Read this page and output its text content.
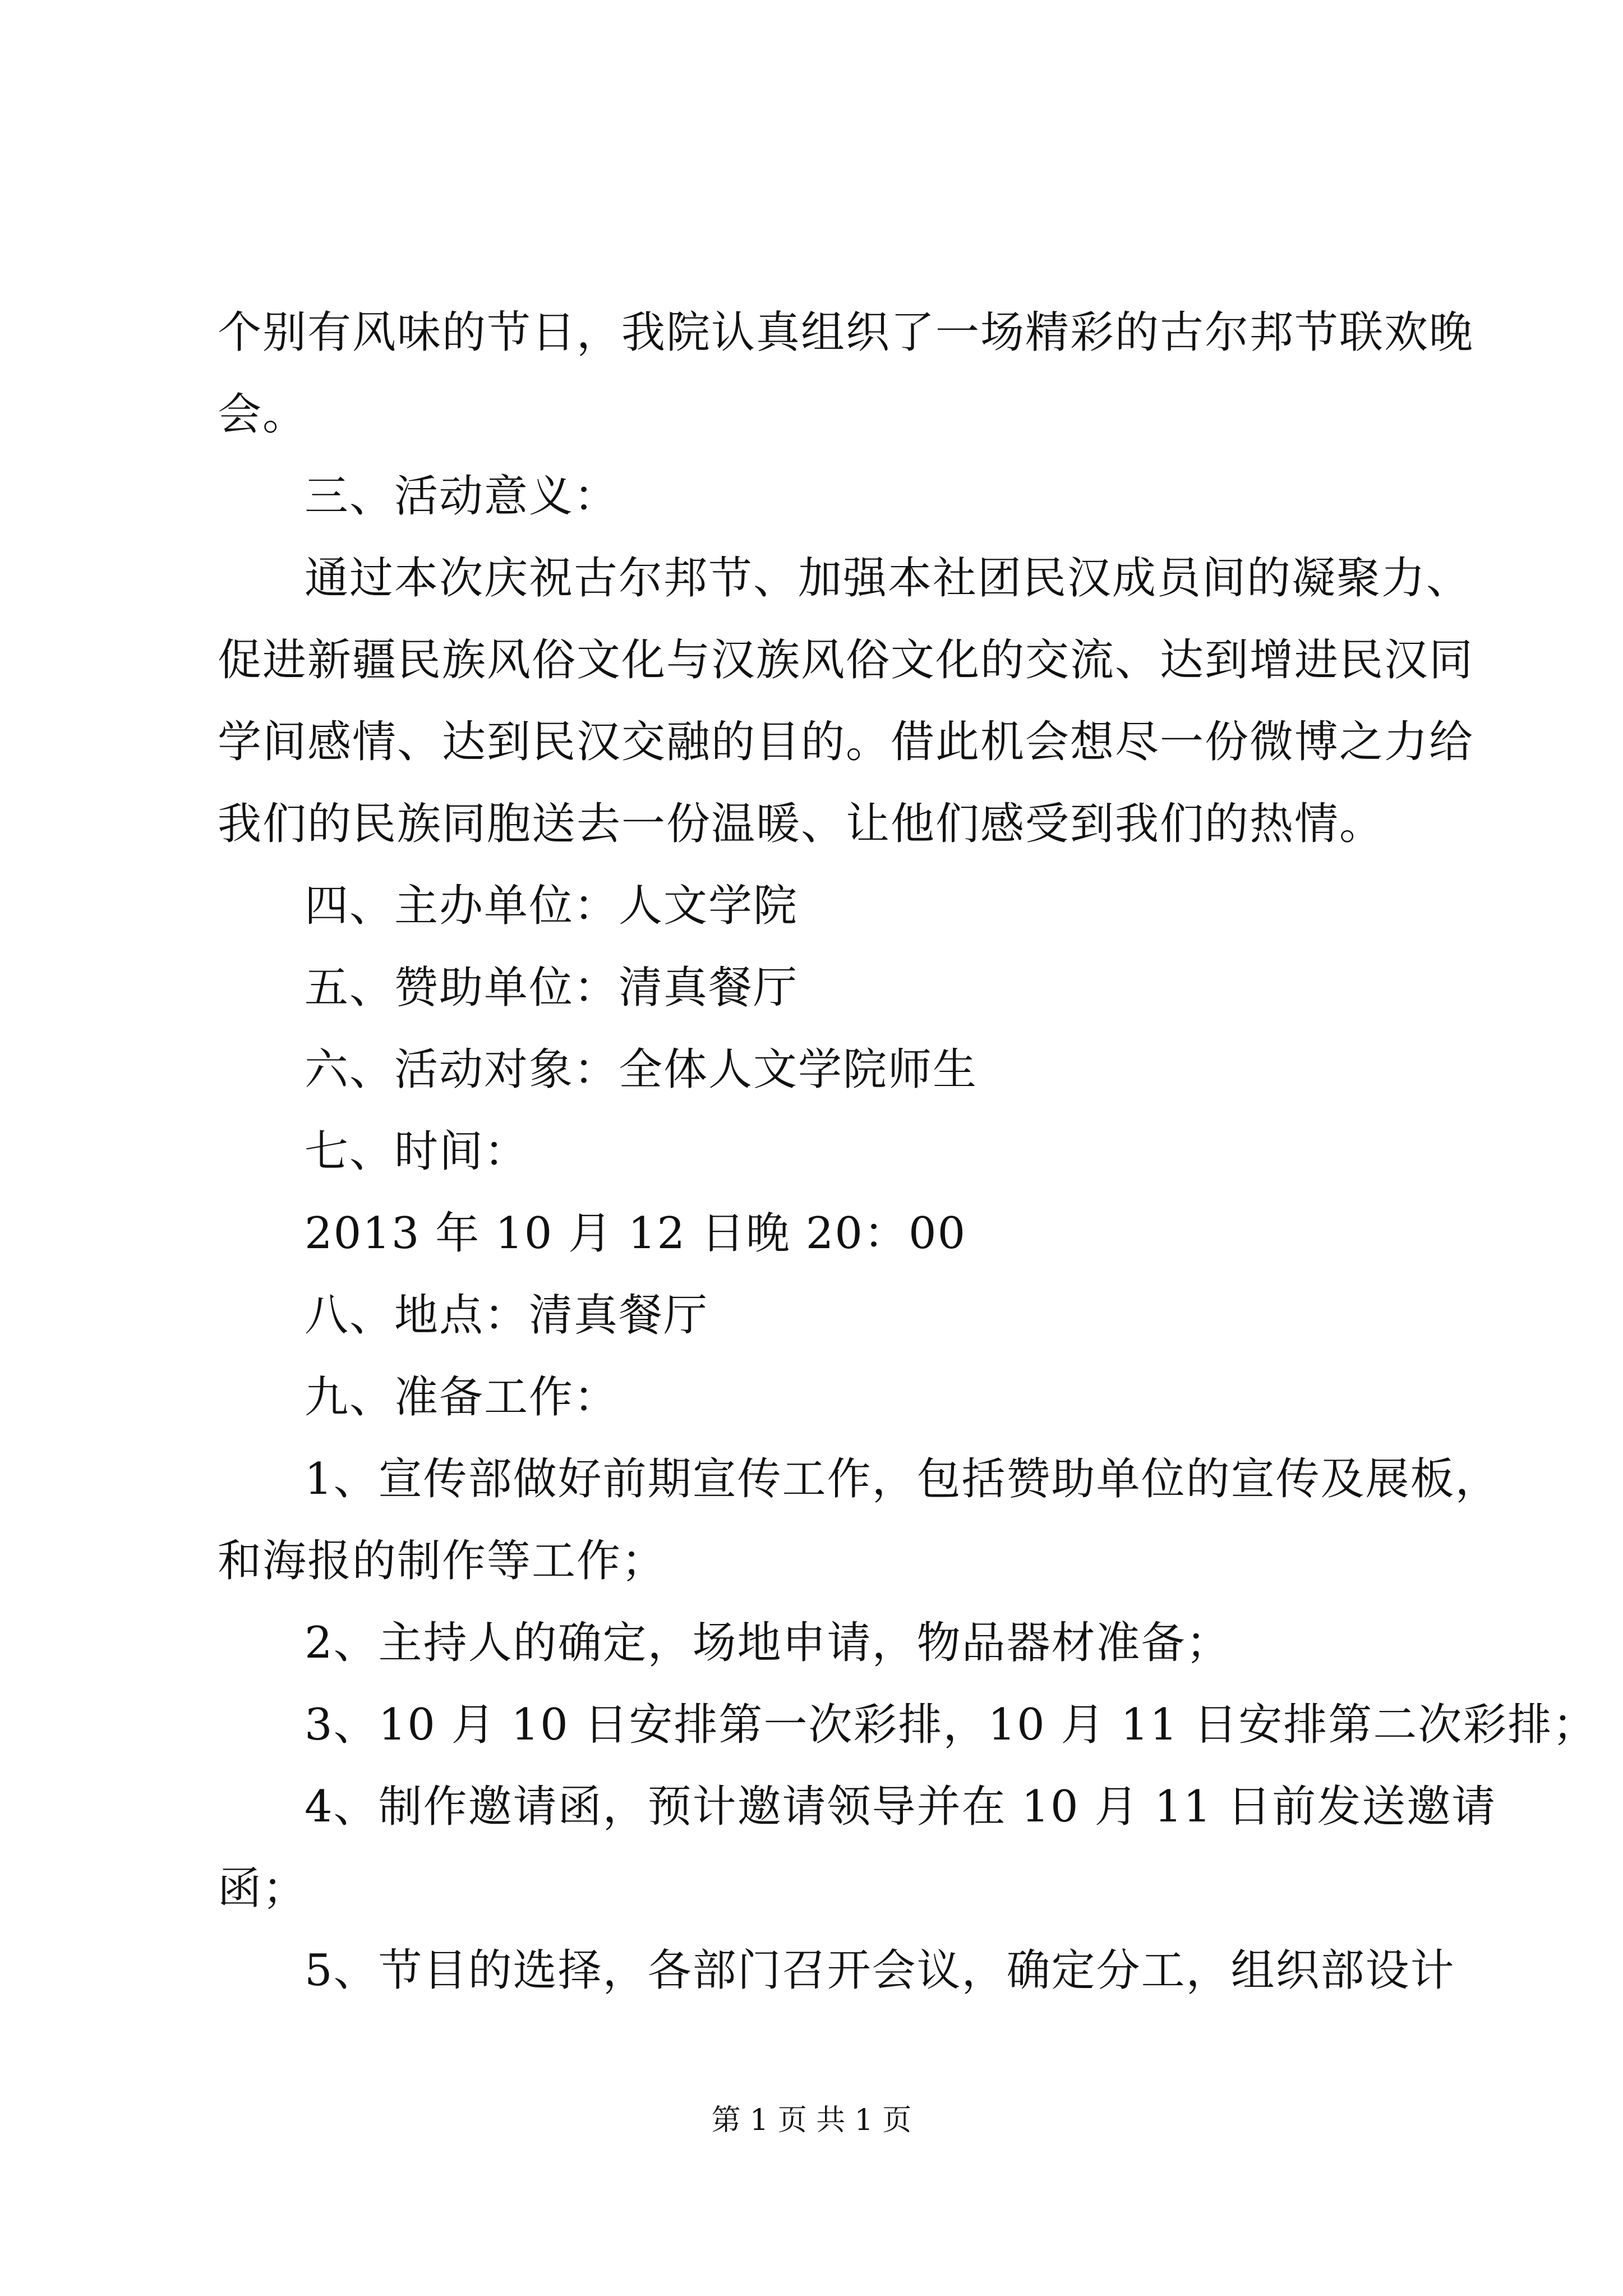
个别有风味的节日，我院认真组织了一场精彩的古尔邦节联欢晚
会。
三、活动意义：
通过本次庆祝古尔邦节、加强本社团民汉成员间的凝聚力、
促进新疆民族风俗文化与汉族风俗文化的交流、达到增进民汉同
学间感情、达到民汉交融的目的。借此机会想尽一份微博之力给
我们的民族同胞送去一份温暖、让他们感受到我们的热情。
四、主办单位：人文学院
五、赞助单位：清真餐厅
六、活动对象：全体人文学院师生
七、时间：
2013 年 10 月 12 日晚 20：00
八、地点：清真餐厅
九、准备工作：
1、宣传部做好前期宣传工作，包括赞助单位的宣传及展板，
和海报的制作等工作；
2、主持人的确定，场地申请，物品器材准备；
3、10 月 10 日安排第一次彩排，10 月 11 日安排第二次彩排；
4、制作邀请函，预计邀请领导并在 10 月 11 日前发送邀请
函；
5、节目的选择，各部门召开会议，确定分工，组织部设计
第 1 页 共 1 页
